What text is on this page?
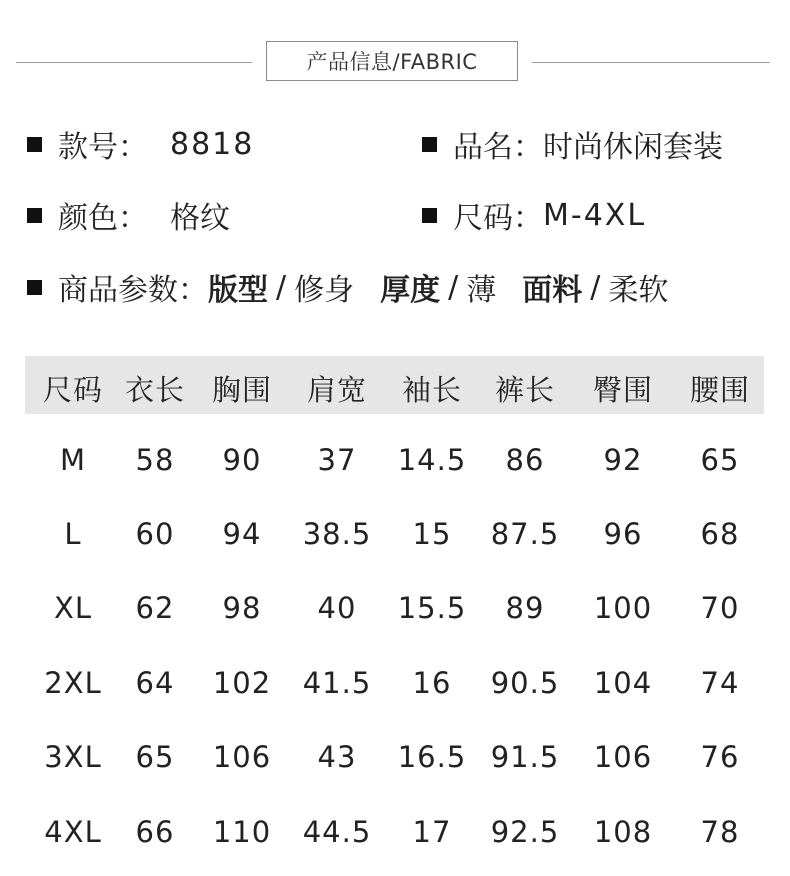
产品信息/FABRIC
款号： 8818	品名： 时尚休闲套装
颜色： 格纹	尺码： M-4XL
商品参数： 版型 / 修身 厚度 / 薄 面料 / 柔软
尺码 衣长 胸围 肩宽 袖长 裤长 臀围 腰围
M 58 90 37 14.5 86 92 65
L 60 94 38.5 15 87.5 96 68
XL 62 98 40 15.5 89 100 70
2XL 64 102 41.5 16 90.5 104 74
3XL 65 106 43 16.5 91.5 106 76
4XL 66 110 44.5 17 92.5 108 78
